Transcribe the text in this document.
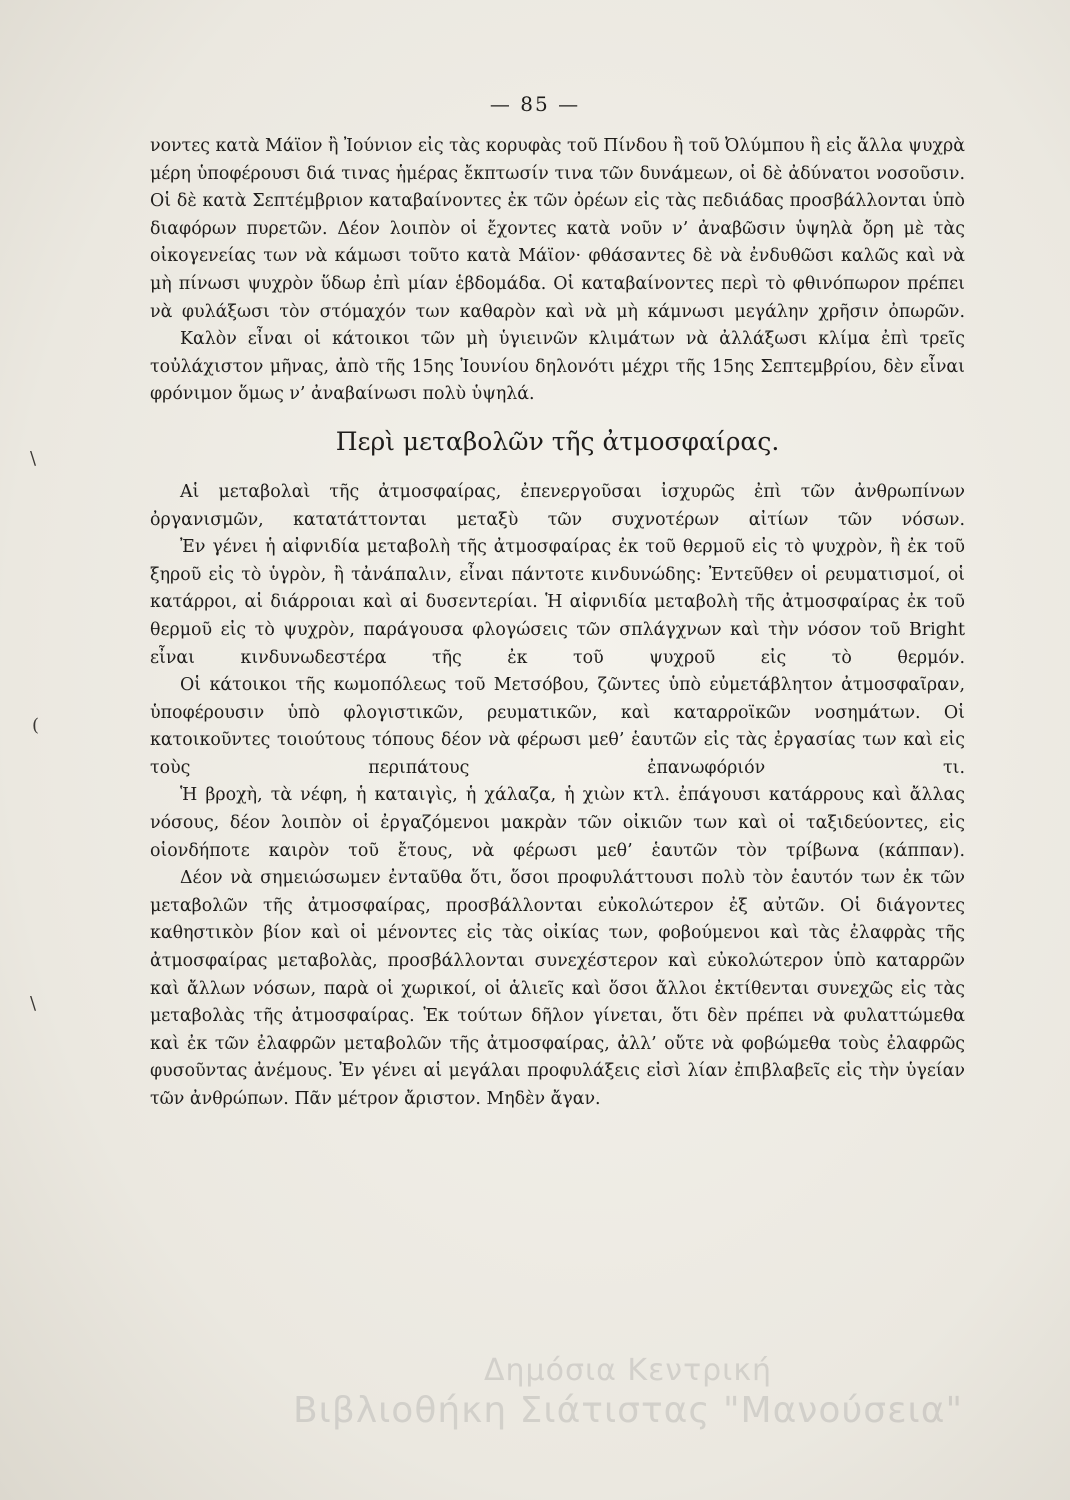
— 85 —

νοντες κατὰ Μάϊον ἢ Ἰούνιον εἰς τὰς κορυφὰς τοῦ Πίνδου ἢ τοῦ Ὀλύμπου ἢ εἰς ἄλλα ψυχρὰ μέρη ὑποφέρουσι διά τινας ἡμέρας ἔκπτωσίν τινα τῶν δυνάμεων, οἱ δὲ ἀδύνατοι νοσοῦσιν. Οἱ δὲ κατὰ Σεπτέμβριον καταβαίνοντες ἐκ τῶν ὀρέων εἰς τὰς πεδιάδας προσβάλλονται ὑπὸ διαφόρων πυρετῶν. Δέον λοιπὸν οἱ ἔχοντες κατὰ νοῦν ν’ ἀναβῶσιν ὑψηλὰ ὄρη μὲ τὰς οἰκογενείας των νὰ κάμωσι τοῦτο κατὰ Μάϊον· φθάσαντες δὲ νὰ ἐνδυθῶσι καλῶς καὶ νὰ μὴ πίνωσι ψυχρὸν ὕδωρ ἐπὶ μίαν ἑβδομάδα. Οἱ καταβαίνοντες περὶ τὸ φθινόπωρον πρέπει νὰ φυλάξωσι τὸν στόμαχόν των καθαρὸν καὶ νὰ μὴ κάμνωσι μεγάλην χρῆσιν ὀπωρῶν.

Καλὸν εἶναι οἱ κάτοικοι τῶν μὴ ὑγιεινῶν κλιμάτων νὰ ἀλλάξωσι κλίμα ἐπὶ τρεῖς τοὐλάχιστον μῆνας, ἀπὸ τῆς 15ης Ἰουνίου δηλονότι μέχρι τῆς 15ης Σεπτεμβρίου, δὲν εἶναι φρόνιμον ὅμως ν’ ἀναβαίνωσι πολὺ ὑψηλά.

Περὶ μεταβολῶν τῆς ἀτμοσφαίρας.

Αἱ μεταβολαὶ τῆς ἀτμοσφαίρας, ἐπενεργοῦσαι ἰσχυρῶς ἐπὶ τῶν ἀνθρωπίνων ὀργανισμῶν, κατατάττονται μεταξὺ τῶν συχνοτέρων αἰτίων τῶν νόσων.

Ἐν γένει ἡ αἰφνιδία μεταβολὴ τῆς ἀτμοσφαίρας ἐκ τοῦ θερμοῦ εἰς τὸ ψυχρὸν, ἢ ἐκ τοῦ ξηροῦ εἰς τὸ ὑγρὸν, ἢ τἀνάπαλιν, εἶναι πάντοτε κινδυνώδης: Ἐντεῦθεν οἱ ρευματισμοί, οἱ κατάρροι, αἱ διάρροιαι καὶ αἱ δυσεντερίαι. Ἡ αἰφνιδία μεταβολὴ τῆς ἀτμοσφαίρας ἐκ τοῦ θερμοῦ εἰς τὸ ψυχρὸν, παράγουσα φλογώσεις τῶν σπλάγχνων καὶ τὴν νόσον τοῦ Bright εἶναι κινδυνωδεστέρα τῆς ἐκ τοῦ ψυχροῦ εἰς τὸ θερμόν.

Οἱ κάτοικοι τῆς κωμοπόλεως τοῦ Μετσόβου, ζῶντες ὑπὸ εὐμετάβλητον ἀτμοσφαῖραν, ὑποφέρουσιν ὑπὸ φλογιστικῶν, ρευματικῶν, καὶ καταρροϊκῶν νοσημάτων. Οἱ κατοικοῦντες τοιούτους τόπους δέον νὰ φέρωσι μεθ’ ἑαυτῶν εἰς τὰς ἐργασίας των καὶ εἰς τοὺς περιπάτους ἐπανωφόριόν τι.

Ἡ βροχὴ, τὰ νέφη, ἡ καταιγὶς, ἡ χάλαζα, ἡ χιὼν κτλ. ἐπάγουσι κατάρρους καὶ ἄλλας νόσους, δέον λοιπὸν οἱ ἐργαζόμενοι μακρὰν τῶν οἰκιῶν των καὶ οἱ ταξιδεύοντες, εἰς οἱονδήποτε καιρὸν τοῦ ἔτους, νὰ φέρωσι μεθ’ ἑαυτῶν τὸν τρίβωνα (κάππαν).

Δέον νὰ σημειώσωμεν ἐνταῦθα ὅτι, ὅσοι προφυλάττουσι πολὺ τὸν ἑαυτόν των ἐκ τῶν μεταβολῶν τῆς ἀτμοσφαίρας, προσβάλλονται εὐκολώτερον ἐξ αὐτῶν. Οἱ διάγοντες καθηστικὸν βίον καὶ οἱ μένοντες εἰς τὰς οἰκίας των, φοβούμενοι καὶ τὰς ἐλαφρὰς τῆς ἀτμοσφαίρας μεταβολὰς, προσβάλλονται συνεχέστερον καὶ εὐκολώτερον ὑπὸ καταρρῶν καὶ ἄλλων νόσων, παρὰ οἱ χωρικοί, οἱ ἁλιεῖς καὶ ὅσοι ἄλλοι ἐκτίθενται συνεχῶς εἰς τὰς μεταβολὰς τῆς ἀτμοσφαίρας. Ἐκ τούτων δῆλον γίνεται, ὅτι δὲν πρέπει νὰ φυλαττώμεθα καὶ ἐκ τῶν ἐλαφρῶν μεταβολῶν τῆς ἀτμοσφαίρας, ἀλλ’ οὔτε νὰ φοβώμεθα τοὺς ἐλαφρῶς φυσοῦντας ἀνέμους. Ἐν γένει αἱ μεγάλαι προφυλάξεις εἰσὶ λίαν ἐπιβλαβεῖς εἰς τὴν ὑγείαν τῶν ἀνθρώπων. Πᾶν μέτρον ἄριστον. Μηδὲν ἄγαν.

\
(
\
Δημόσια Κεντρική
Βιβλιοθήκη Σιάτιστας "Μανούσεια"
